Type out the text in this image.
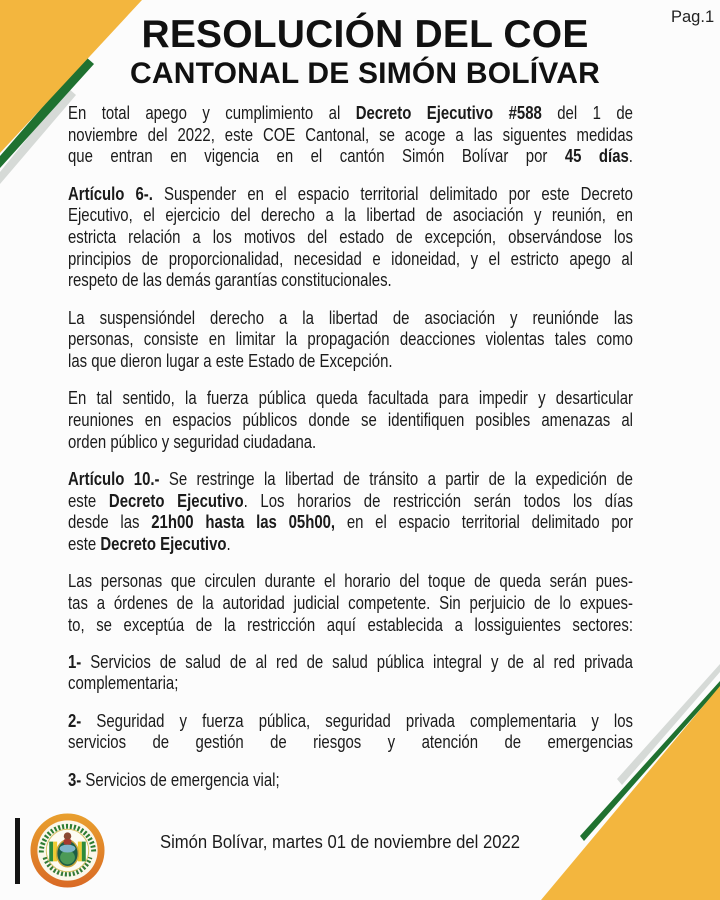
Pag.1
RESOLUCIÓN DEL COE
CANTONAL DE SIMÓN BOLÍVAR
En total apego y cumplimiento al Decreto Ejecutivo #588 del 1 de
noviembre del 2022, este COE Cantonal, se acoge a las siguentes medidas
que entran en vigencia en el cantón Simón Bolívar por 45 días.
Artículo 6-. Suspender en el espacio territorial delimitado por este Decreto
Ejecutivo, el ejercicio del derecho a la libertad de asociación y reunión, en
estricta relación a los motivos del estado de excepción, observándose los
principios de proporcionalidad, necesidad e idoneidad, y el estricto apego al
respeto de las demás garantías constitucionales.
La suspensióndel derecho a la libertad de asociación y reuniónde las
personas, consiste en limitar la propagación deacciones violentas tales como
las que dieron lugar a este Estado de Excepción.
En tal sentido, la fuerza pública queda facultada para impedir y desarticular
reuniones en espacios públicos donde se identifiquen posibles amenazas al
orden público y seguridad ciudadana.
Artículo 10.- Se restringe la libertad de tránsito a partir de la expedición de
este Decreto Ejecutivo. Los horarios de restricción serán todos los días
desde las 21h00 hasta las 05h00, en el espacio territorial delimitado por
este Decreto Ejecutivo.
Las personas que circulen durante el horario del toque de queda serán pues-
tas a órdenes de la autoridad judicial competente. Sin perjuicio de lo expues-
to, se exceptúa de la restricción aquí establecida a lossiguientes sectores:
1- Servicios de salud de al red de salud pública integral y de al red privada
complementaria;
2- Seguridad y fuerza pública, seguridad privada complementaria y los
servicios de gestión de riesgos y atención de emergencias
3- Servicios de emergencia vial;
Simón Bolívar, martes 01 de noviembre del 2022
